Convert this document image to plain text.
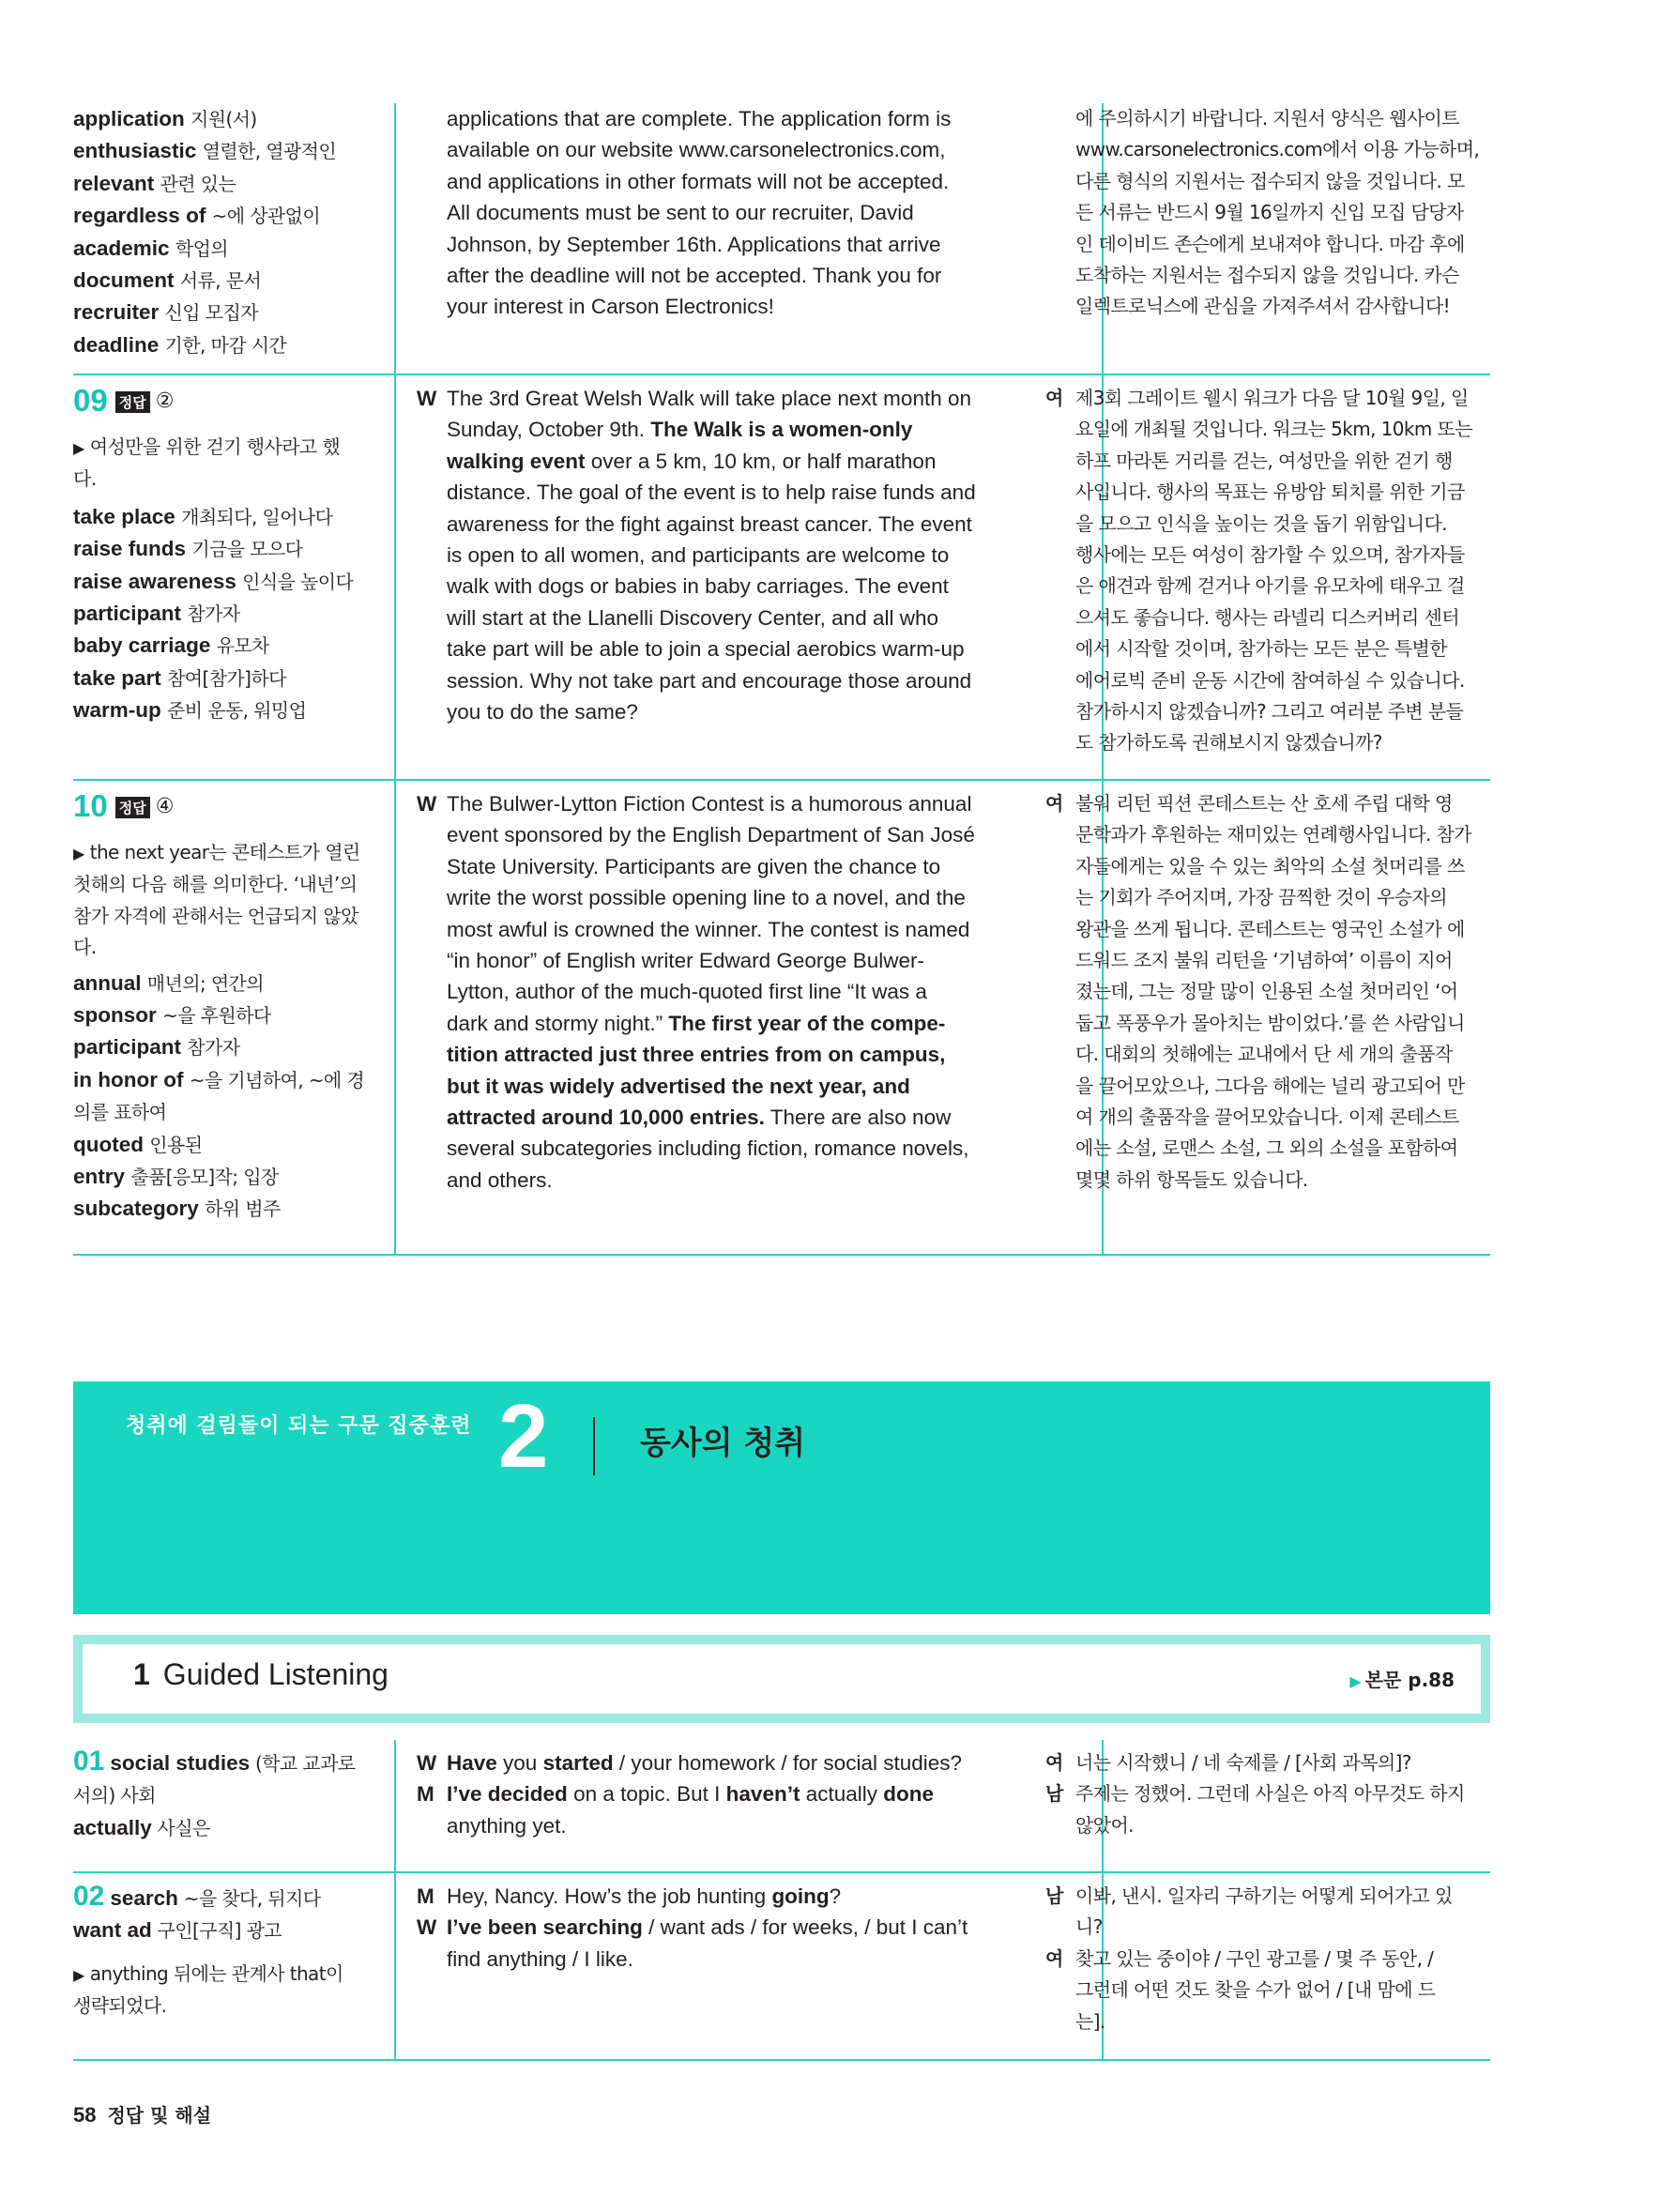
application 지원(서)
enthusiastic 열렬한, 열광적인
relevant 관련 있는
regardless of ~에 상관없이
academic 학업의
document 서류, 문서
recruiter 신입 모집자
deadline 기한, 마감 시간
applications that are complete. The application form is
available on our website www.carsonelectronics.com,
and applications in other formats will not be accepted.
All documents must be sent to our recruiter, David
Johnson, by September 16th. Applications that arrive
after the deadline will not be accepted. Thank you for
your interest in Carson Electronics!
에 주의하시기 바랍니다. 지원서 양식은 웹사이트
www.carsonelectronics.com에서 이용 가능하며,
다른 형식의 지원서는 접수되지 않을 것입니다. 모
든 서류는 반드시 9월 16일까지 신입 모집 담당자
인 데이비드 존슨에게 보내져야 합니다. 마감 후에
도착하는 지원서는 접수되지 않을 것입니다. 카슨
일렉트로닉스에 관심을 가져주셔서 감사합니다!
09 정답 ②
▶ 여성만을 위한 걷기 행사라고 했
다.
take place 개최되다, 일어나다
raise funds 기금을 모으다
raise awareness 인식을 높이다
participant 참가자
baby carriage 유모차
take part 참여[참가]하다
warm-up 준비 운동, 워밍업
W The 3rd Great Welsh Walk will take place next month on
Sunday, October 9th. The Walk is a women-only
walking event over a 5 km, 10 km, or half marathon
distance. The goal of the event is to help raise funds and
awareness for the fight against breast cancer. The event
is open to all women, and participants are welcome to
walk with dogs or babies in baby carriages. The event
will start at the Llanelli Discovery Center, and all who
take part will be able to join a special aerobics warm-up
session. Why not take part and encourage those around
you to do the same?
여 제3회 그레이트 웰시 워크가 다음 달 10월 9일, 일
요일에 개최될 것입니다. 워크는 5km, 10km 또는
하프 마라톤 거리를 걷는, 여성만을 위한 걷기 행
사입니다. 행사의 목표는 유방암 퇴치를 위한 기금
을 모으고 인식을 높이는 것을 돕기 위함입니다.
행사에는 모든 여성이 참가할 수 있으며, 참가자들
은 애견과 함께 걷거나 아기를 유모차에 태우고 걸
으셔도 좋습니다. 행사는 라넬리 디스커버리 센터
에서 시작할 것이며, 참가하는 모든 분은 특별한
에어로빅 준비 운동 시간에 참여하실 수 있습니다.
참가하시지 않겠습니까? 그리고 여러분 주변 분들
도 참가하도록 권해보시지 않겠습니까?
10 정답 ④
▶ the next year는 콘테스트가 열린
첫해의 다음 해를 의미한다. ‘내년’의
참가 자격에 관해서는 언급되지 않았
다.
annual 매년의; 연간의
sponsor ~을 후원하다
participant 참가자
in honor of ~을 기념하여, ~에 경
의를 표하여
quoted 인용된
entry 출품[응모]작; 입장
subcategory 하위 범주
W The Bulwer-Lytton Fiction Contest is a humorous annual
event sponsored by the English Department of San José
State University. Participants are given the chance to
write the worst possible opening line to a novel, and the
most awful is crowned the winner. The contest is named
“in honor” of English writer Edward George Bulwer-
Lytton, author of the much-quoted first line “It was a
dark and stormy night.” The first year of the compe-
tition attracted just three entries from on campus,
but it was widely advertised the next year, and
attracted around 10,000 entries. There are also now
several subcategories including fiction, romance novels,
and others.
여 불워 리턴 픽션 콘테스트는 산 호세 주립 대학 영
문학과가 후원하는 재미있는 연례행사입니다. 참가
자들에게는 있을 수 있는 최악의 소설 첫머리를 쓰
는 기회가 주어지며, 가장 끔찍한 것이 우승자의
왕관을 쓰게 됩니다. 콘테스트는 영국인 소설가 에
드워드 조지 불워 리턴을 ‘기념하여’ 이름이 지어
졌는데, 그는 정말 많이 인용된 소설 첫머리인 ‘어
둡고 폭풍우가 몰아치는 밤이었다.’를 쓴 사람입니
다. 대회의 첫해에는 교내에서 단 세 개의 출품작
을 끌어모았으나, 그다음 해에는 널리 광고되어 만
여 개의 출품작을 끌어모았습니다. 이제 콘테스트
에는 소설, 로맨스 소설, 그 외의 소설을 포함하여
몇몇 하위 항목들도 있습니다.
청취에 걸림돌이 되는 구문 집중훈련 2	동사의 청취
1 Guided Listening	▶ 본문 p.88
01 social studies (학교 교과로
서의) 사회
actually 사실은
W Have you started / your homework / for social studies?
M I’ve decided on a topic. But I haven’t actually done
anything yet.
여 너는 시작했니 / 네 숙제를 / [사회 과목의]?
남 주제는 정했어. 그런데 사실은 아직 아무것도 하지
않았어.
02 search ~을 찾다, 뒤지다
want ad 구인[구직] 광고
▶ anything 뒤에는 관계사 that이
생략되었다.
M Hey, Nancy. How’s the job hunting going?
W I’ve been searching / want ads / for weeks, / but I can’t
find anything / I like.
남 이봐, 낸시. 일자리 구하기는 어떻게 되어가고 있
니?
여 찾고 있는 중이야 / 구인 광고를 / 몇 주 동안, /
그런데 어떤 것도 찾을 수가 없어 / [내 맘에 드
는].
58 정답 및 해설
